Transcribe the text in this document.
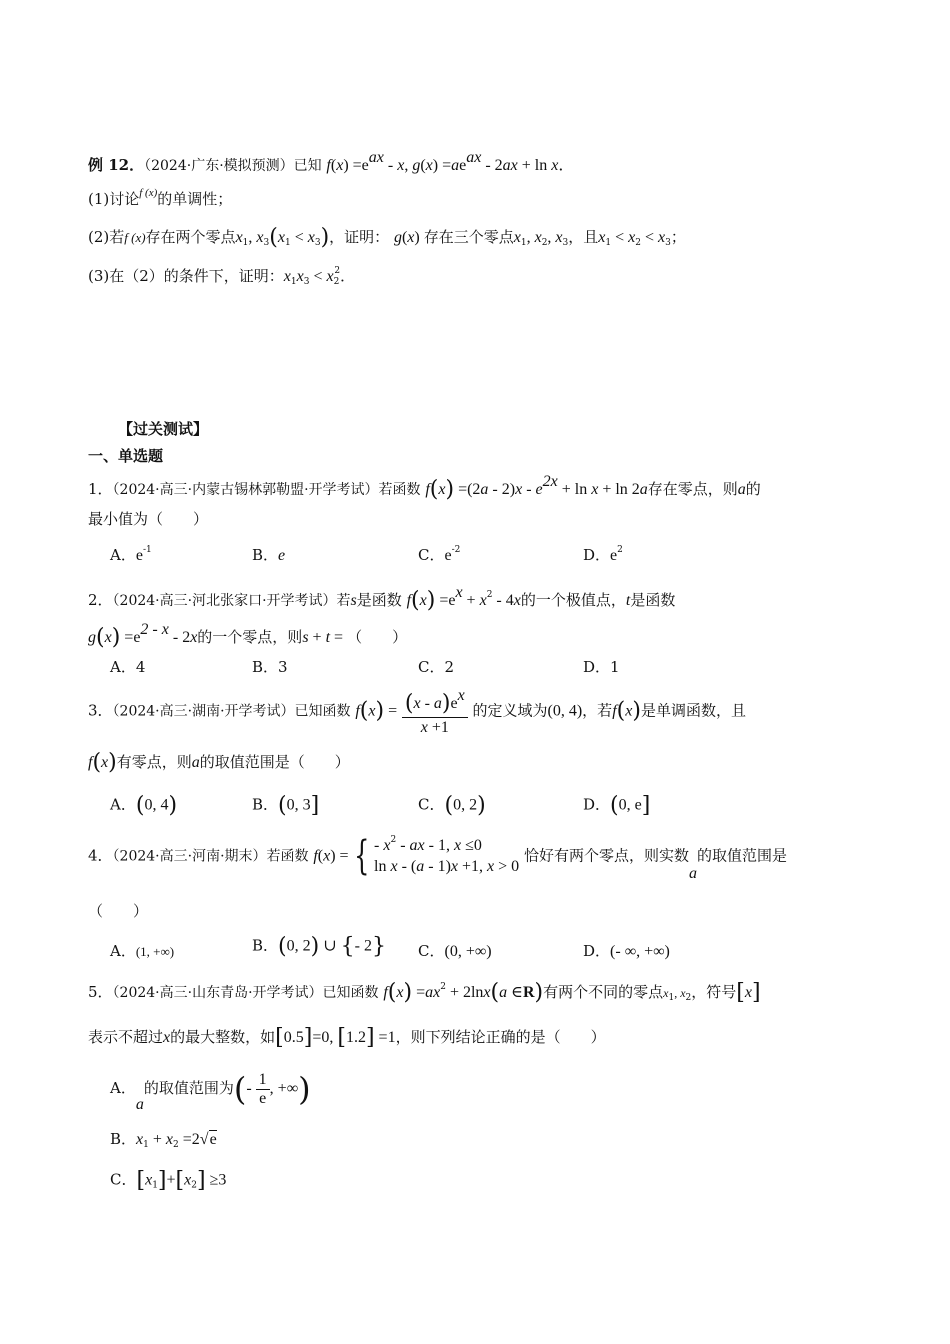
例 12．（2024·广东·模拟预测）已知 $f(x) =e^{ax} - x$, $g(x) =ae^{ax} - 2ax + \ln x$．
(1)讨论$^{f (x)}$的单调性；
(2)若f (x)存在两个零点$x_1$, $x_3(x_1 < x_3)$，证明： g(x) 存在三个零点$x_1$, $x_2$, $x_3$，且$x_1 < x_2 < x_3$；
(3)在（2）的条件下，证明：$x_1x_3 < x_2^2$．
【过关测试】
一、单选题
1．（2024·高三·内蒙古锡林郭勒盟·开学考试）若函数 $f(x) =(2a - 2)x - e^{2x} + \ln x + \ln 2a$存在零点，则a的
最小值为（　　）
A．$e^{-1}$	B．e	C．$e^{-2}$	D．$e^2$
2．（2024·高三·河北张家口·开学考试）若s是函数 $f(x) =e^x + x^2 - 4x$的一个极值点，t是函数
$g(x) =e^{2 - x} - 2x$的一个零点，则s + t = （　　）
A．4	B．3	C．2	D．1
3．（2024·高三·湖南·开学考试）已知函数 $f(x) = \frac{(x - a)e^x}{x +1}$ 的定义域为(0, 4)，若f(x)是单调函数，且
f(x)有零点，则a的取值范围是（　　）
A．(0, 4)	B．(0, 3]	C．(0, 2)	D．(0, e]
4．（2024·高三·河南·期末）若函数 f(x) = { - $x^2$ - ax - 1, x ≤0
ln x - (a - 1)x +1, x > 0
恰好有两个零点，则实数a的取值范围是
（　　）
A．(1, +∞)	B．(0, 2) ∪ {- 2} C．(0, +∞)	D．(- ∞, +∞)
5．（2024·高三·山东青岛·开学考试）已知函数 $f(x) =ax^2 + 2\ln x(a$ ∈R)有两个不同的零点$x_1$, $x_2$，符号[x]
表示不超过x的最大整数，如[0.5]=0, [1.2] =1，则下列结论正确的是（　　）
A．a的取值范围为(- $\frac{1}{e}$ , +∞)
B．$x_1 + x_2 =2√e$
C．$[x_1]+[x_2] \ge 3$
